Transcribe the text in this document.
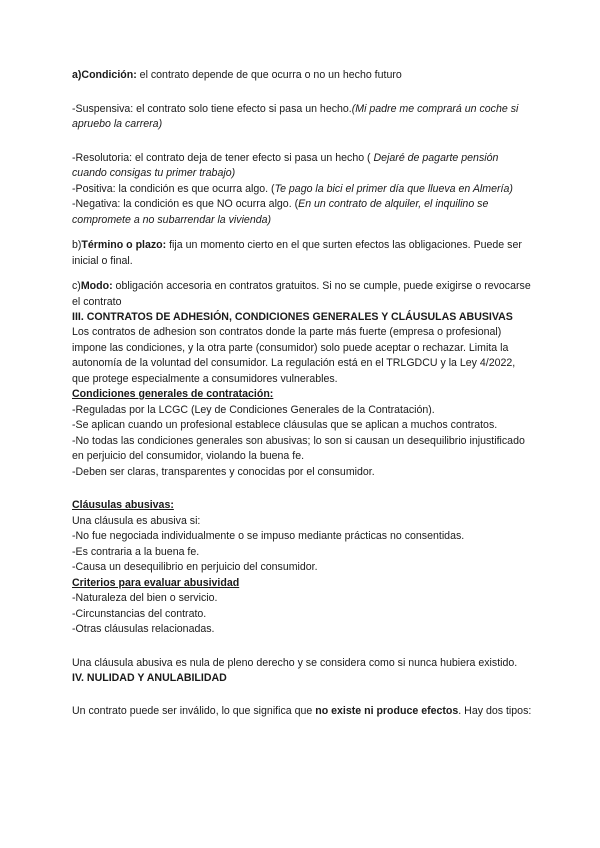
a)Condición: el contrato depende de que ocurra o no un hecho futuro

-Suspensiva: el contrato solo tiene efecto si pasa un hecho.(Mi padre me comprará un coche si apruebo la carrera)

-Resolutoria: el contrato deja de tener efecto si pasa un hecho ( Dejaré de pagarte pensión cuando consigas tu primer trabajo)

-Positiva: la condición es que ocurra algo. (Te pago la bici el primer día que llueva en Almería)

-Negativa: la condición es que NO ocurra algo. (En un contrato de alquiler, el inquilino se compromete a no subarrendar la vivienda)

b)Término o plazo: fija un momento cierto en el que surten efectos las obligaciones. Puede ser inicial o final.

c)Modo: obligación accesoria en contratos gratuitos. Si no se cumple, puede exigirse o revocarse el contrato

III. CONTRATOS DE ADHESIÓN, CONDICIONES GENERALES Y CLÁUSULAS ABUSIVAS

Los contratos de adhesion son contratos donde la parte más fuerte (empresa o profesional) impone las condiciones, y la otra parte (consumidor) solo puede aceptar o rechazar. Limita la autonomía de la voluntad del consumidor. La regulación está en el TRLGDCU y la Ley 4/2022, que protege especialmente a consumidores vulnerables.

Condiciones generales de contratación:

-Reguladas por la LCGC (Ley de Condiciones Generales de la Contratación).

-Se aplican cuando un profesional establece cláusulas que se aplican a muchos contratos.

-No todas las condiciones generales son abusivas; lo son si causan un desequilibrio injustificado en perjuicio del consumidor, violando la buena fe.

-Deben ser claras, transparentes y conocidas por el consumidor.

Cláusulas abusivas:

Una cláusula es abusiva si:

-No fue negociada individualmente o se impuso mediante prácticas no consentidas.

-Es contraria a la buena fe.

-Causa un desequilibrio en perjuicio del consumidor.

Criterios para evaluar abusividad

-Naturaleza del bien o servicio.

-Circunstancias del contrato.

-Otras cláusulas relacionadas.

Una cláusula abusiva es nula de pleno derecho y se considera como si nunca hubiera existido.

IV. NULIDAD Y ANULABILIDAD

Un contrato puede ser inválido, lo que significa que no existe ni produce efectos. Hay dos tipos:
